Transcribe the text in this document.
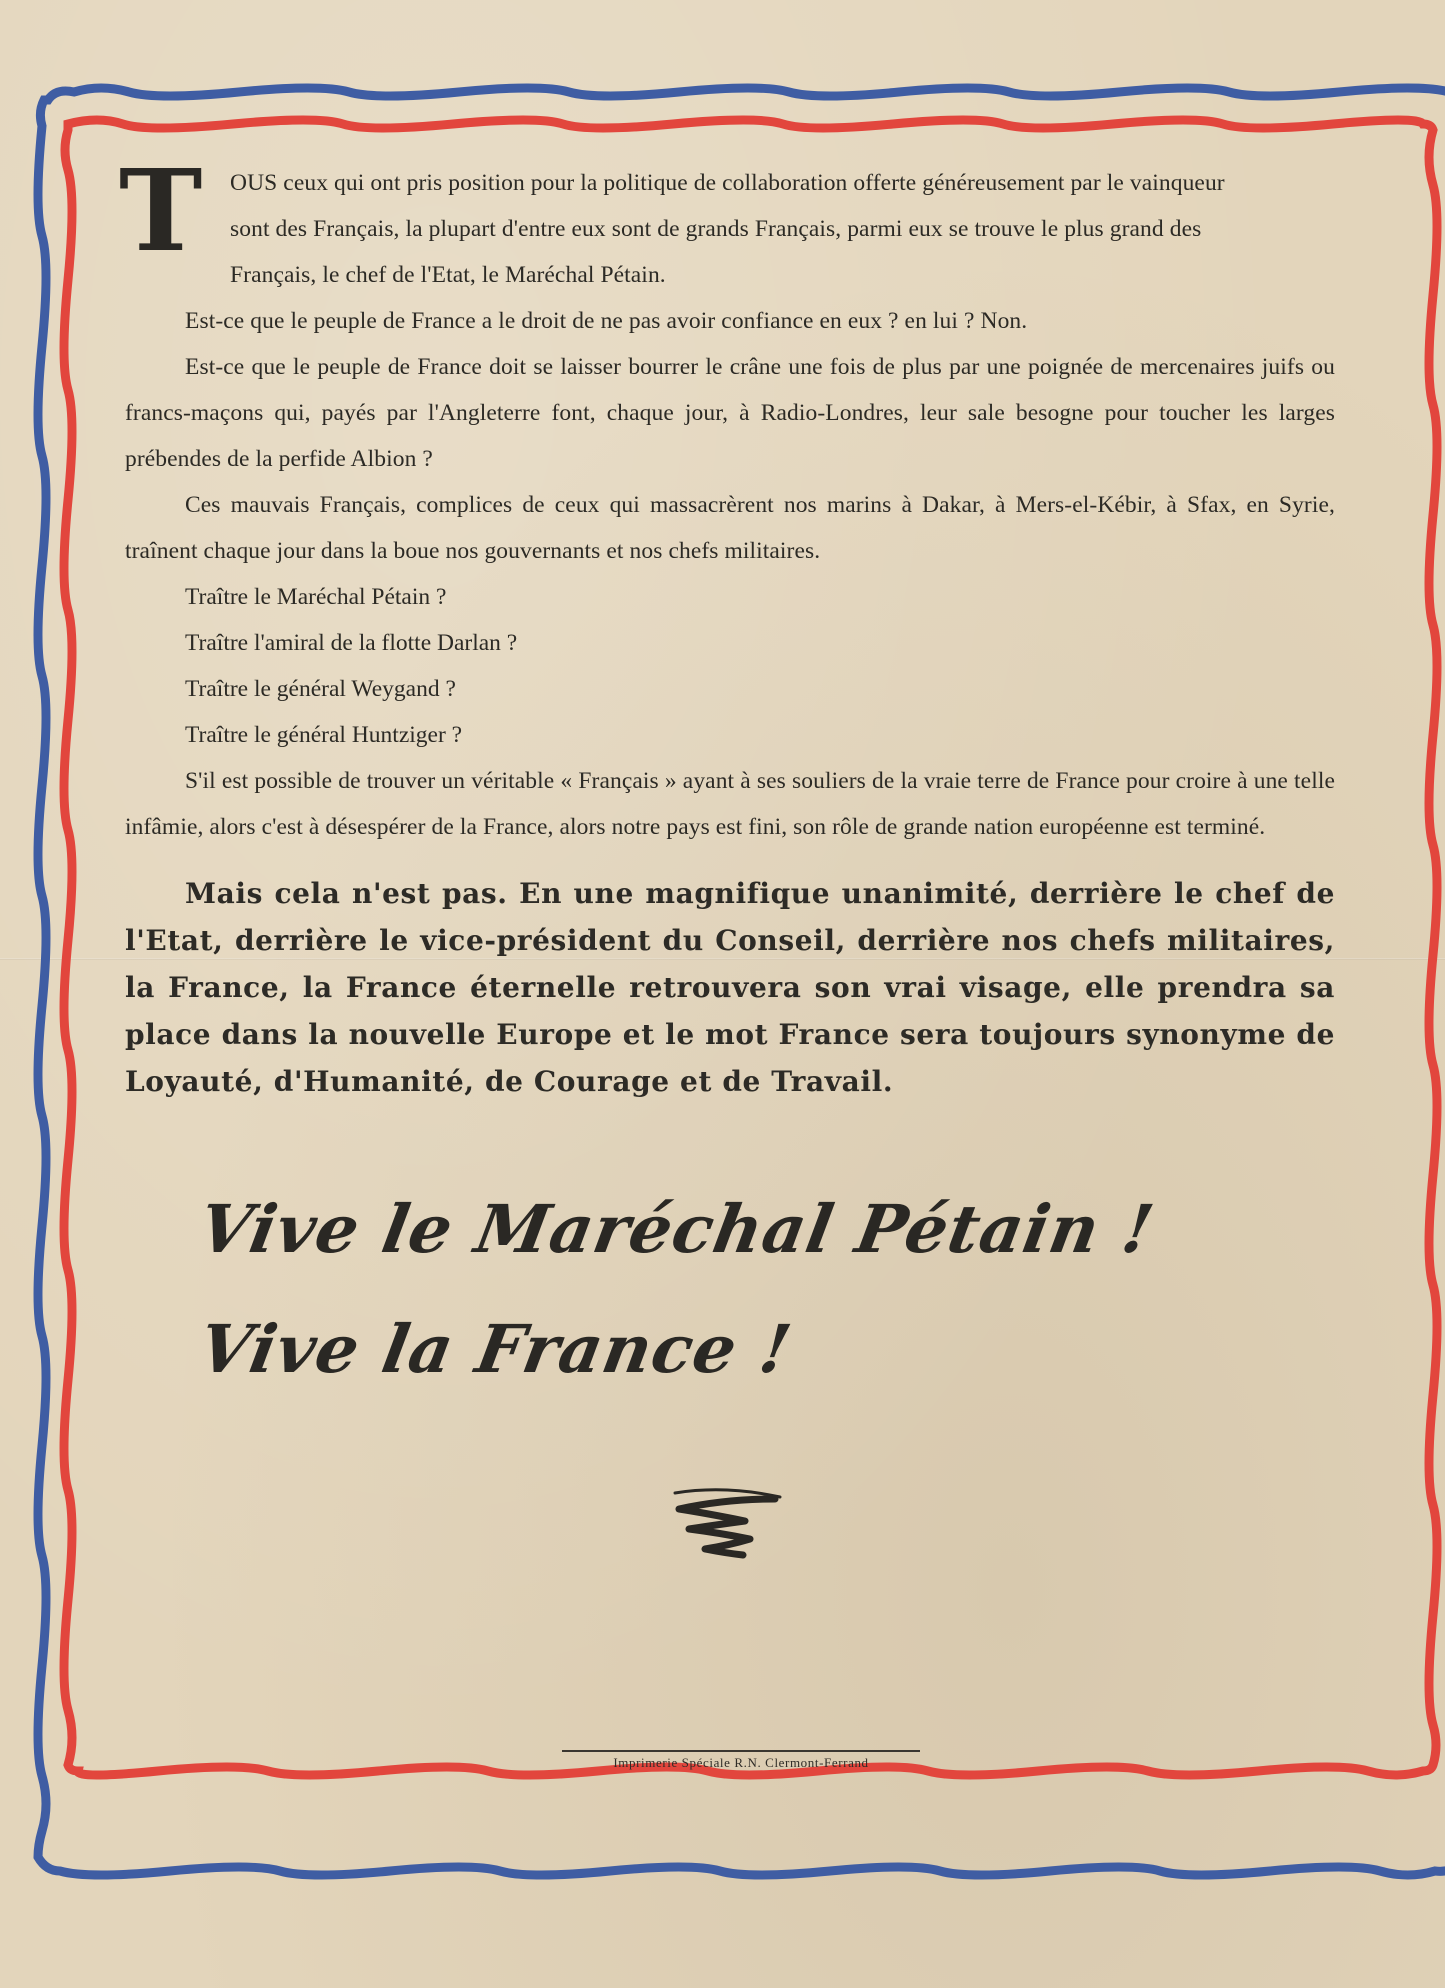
T OUS ceux qui ont pris position pour la politique de collaboration offerte généreusement par le vainqueur

sont des Français, la plupart d'entre eux sont de grands Français, parmi eux se trouve le plus grand des

Français, le chef de l'Etat, le Maréchal Pétain.

Est-ce que le peuple de France a le droit de ne pas avoir confiance en eux ? en lui ? Non.

Est-ce que le peuple de France doit se laisser bourrer le crâne une fois de plus par une poignée de mercenaires juifs ou francs-maçons qui, payés par l'Angleterre font, chaque jour, à Radio-Londres, leur sale besogne pour toucher les larges prébendes de la perfide Albion ?

Ces mauvais Français, complices de ceux qui massacrèrent nos marins à Dakar, à Mers-el-Kébir, à Sfax, en Syrie, traînent chaque jour dans la boue nos gouvernants et nos chefs militaires.

Traître le Maréchal Pétain ?

Traître l'amiral de la flotte Darlan ?

Traître le général Weygand ?

Traître le général Huntziger ?

S'il est possible de trouver un véritable « Français » ayant à ses souliers de la vraie terre de France pour croire à une telle infâmie, alors c'est à désespérer de la France, alors notre pays est fini, son rôle de grande nation européenne est terminé.

Mais cela n'est pas. En une magnifique unanimité, derrière le chef de l'Etat, derrière le vice-président du Conseil, derrière nos chefs militaires, la France, la France éternelle retrouvera son vrai visage, elle prendra sa place dans la nouvelle Europe et le mot France sera toujours synonyme de Loyauté, d'Humanité, de Courage et de Travail.

Vive le Maréchal Pétain !
Vive la France !
Imprimerie Spéciale R.N. Clermont-Ferrand
